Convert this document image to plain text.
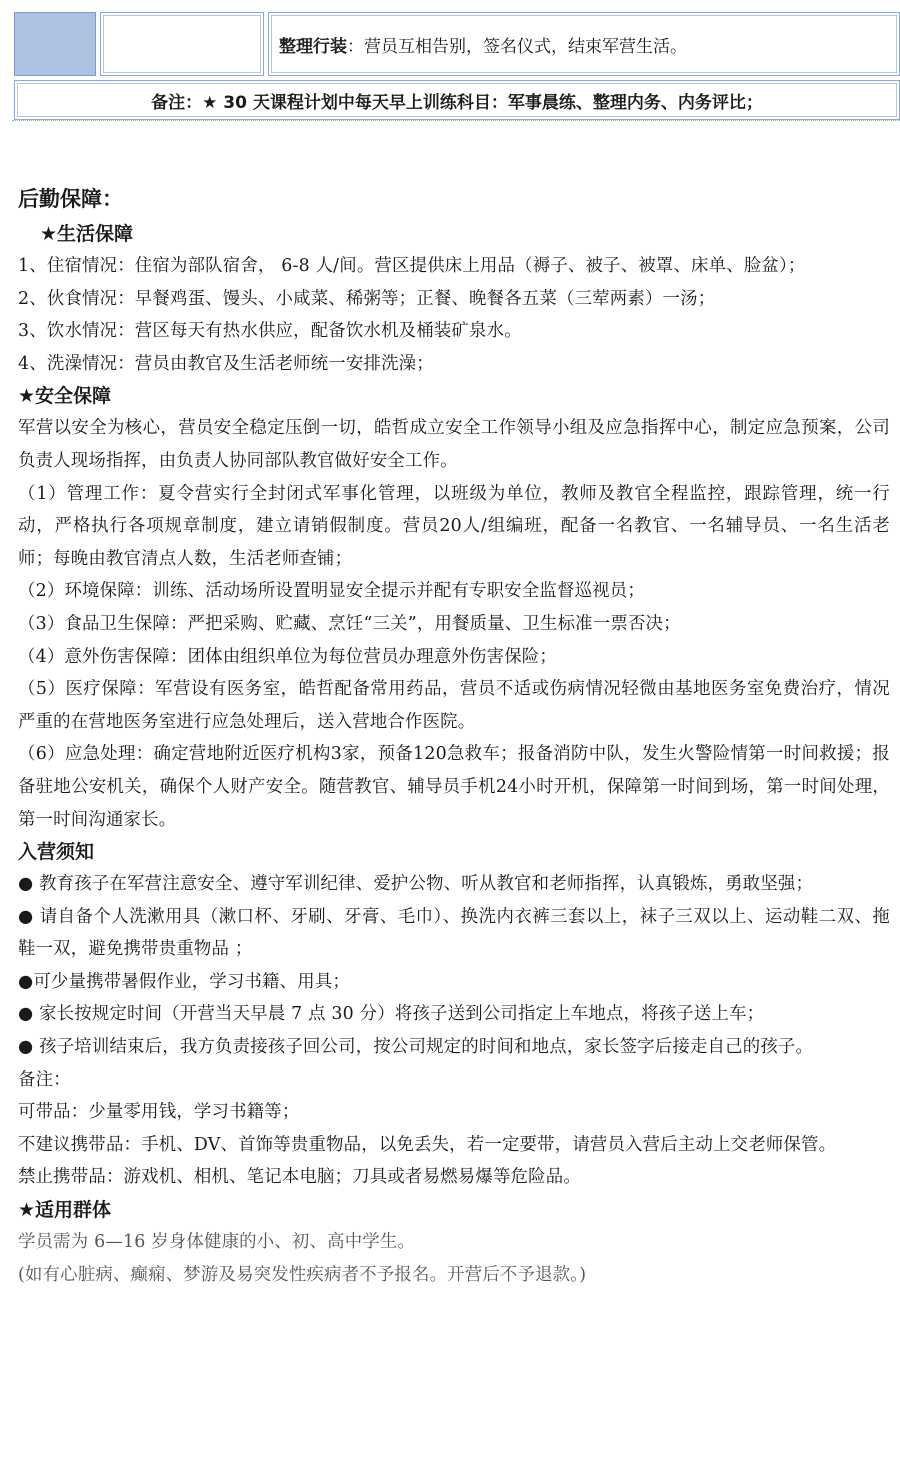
整理行装 ：营员互相告别，签名仪式，结束军营生活。
备注：★ 30 天课程计划中每天早上训练科目：军事晨练、整理内务、内务评比；
后勤保障：
★生活保障

1、住宿情况：住宿为部队宿舍， 6-8 人/间。营区提供床上用品（褥子、被子、被罩、床单、脸盆）；

2、伙食情况：早餐鸡蛋、馒头、小咸菜、稀粥等；正餐、晚餐各五菜（三荤两素）一汤；

3、饮水情况：营区每天有热水供应，配备饮水机及桶装矿泉水。

4、洗澡情况：营员由教官及生活老师统一安排洗澡；

★安全保障

军营以安全为核心，营员安全稳定压倒一切，皓哲成立安全工作领导小组及应急指挥中心，制定应急预案，公司负责人现场指挥，由负责人协同部队教官做好安全工作。

（1）管理工作：夏令营实行全封闭式军事化管理，以班级为单位，教师及教官全程监控，跟踪管理，统一行动，严格执行各项规章制度，建立请销假制度。营员20人/组编班，配备一名教官、一名辅导员、一名生活老师；每晚由教官清点人数，生活老师查铺；

（2）环境保障：训练、活动场所设置明显安全提示并配有专职安全监督巡视员；

（3）食品卫生保障：严把采购、贮藏、烹饪“三关”，用餐质量、卫生标准一票否决；

（4）意外伤害保障：团体由组织单位为每位营员办理意外伤害保险；

（5）医疗保障：军营设有医务室，皓哲配备常用药品，营员不适或伤病情况轻微由基地医务室免费治疗，情况严重的在营地医务室进行应急处理后，送入营地合作医院。

（6）应急处理：确定营地附近医疗机构3家，预备120急救车；报备消防中队，发生火警险情第一时间救援；报备驻地公安机关，确保个人财产安全。随营教官、辅导员手机24小时开机，保障第一时间到场，第一时间处理，第一时间沟通家长。

入营须知

● 教育孩子在军营注意安全、遵守军训纪律、爱护公物、听从教官和老师指挥，认真锻炼，勇敢坚强；

● 请自备个人洗漱用具（漱口杯、牙刷、牙膏、毛巾）、换洗内衣裤三套以上，袜子三双以上、运动鞋二双、拖鞋一双，避免携带贵重物品 ；

●可少量携带暑假作业，学习书籍、用具；

● 家长按规定时间（开营当天早晨 7 点 30 分）将孩子送到公司指定上车地点，将孩子送上车；

● 孩子培训结束后，我方负责接孩子回公司，按公司规定的时间和地点，家长签字后接走自己的孩子。

备注：

可带品：少量零用钱，学习书籍等；

不建议携带品：手机、DV、首饰等贵重物品，以免丢失，若一定要带，请营员入营后主动上交老师保管。

禁止携带品：游戏机、相机、笔记本电脑；刀具或者易燃易爆等危险品。

★适用群体

学员需为 6—16 岁身体健康的小、初、高中学生。

(如有心脏病、癫痫、梦游及易突发性疾病者不予报名。开营后不予退款。)
